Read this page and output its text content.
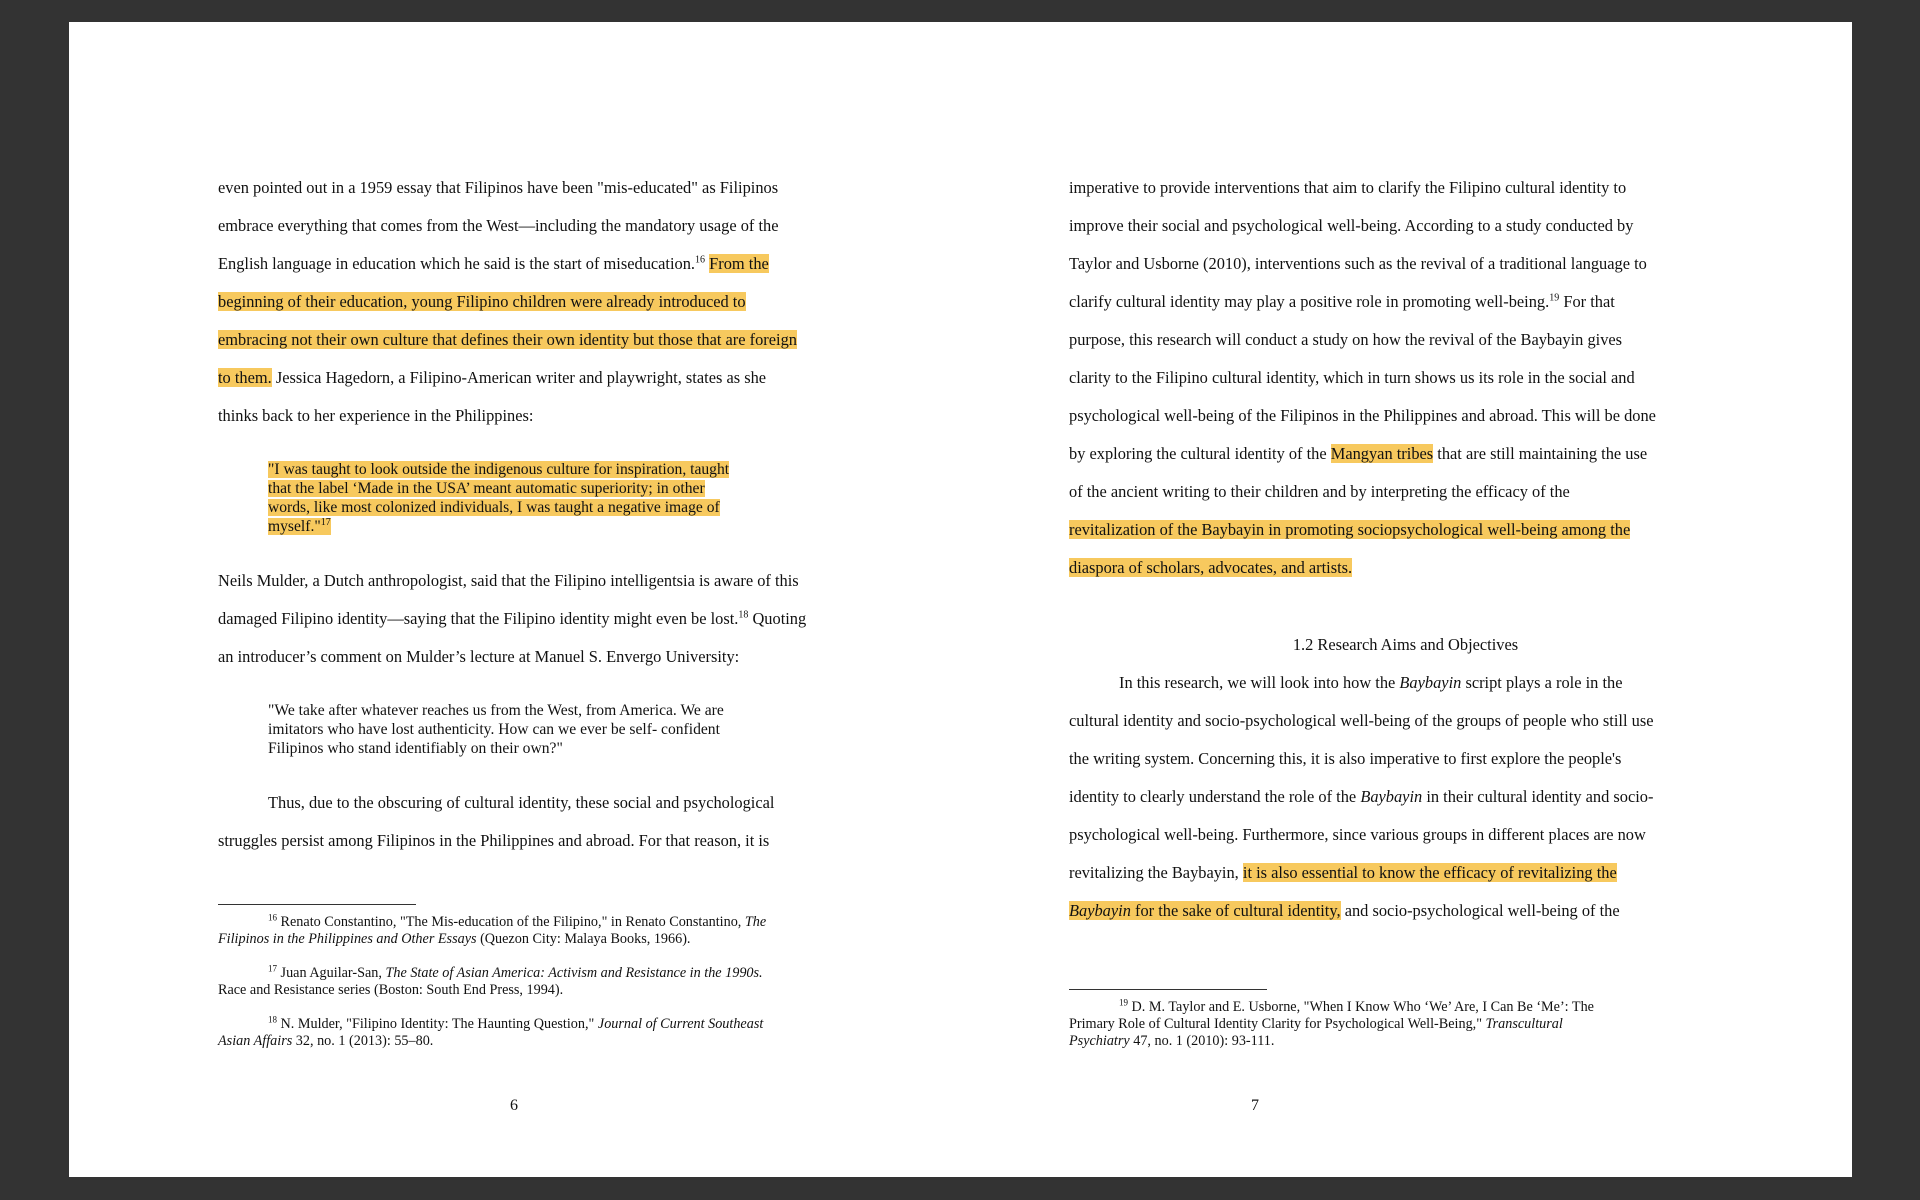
even pointed out in a 1959 essay that Filipinos have been "mis-educated" as Filipinos
embrace everything that comes from the West—including the mandatory usage of the
English language in education which he said is the start of miseducation.$^{16}$ From the
beginning of their education, young Filipino children were already introduced to
embracing not their own culture that defines their own identity but those that are foreign
to them. Jessica Hagedorn, a Filipino-American writer and playwright, states as she
thinks back to her experience in the Philippines:
"I was taught to look outside the indigenous culture for inspiration, taught
that the label ‘Made in the USA’ meant automatic superiority; in other
words, like most colonized individuals, I was taught a negative image of
myself."$^{17}$
Neils Mulder, a Dutch anthropologist, said that the Filipino intelligentsia is aware of this
damaged Filipino identity—saying that the Filipino identity might even be lost.$^{18}$ Quoting
an introducer’s comment on Mulder’s lecture at Manuel S. Envergo University:
"We take after whatever reaches us from the West, from America. We are
imitators who have lost authenticity. How can we ever be self- confident
Filipinos who stand identifiably on their own?"
Thus, due to the obscuring of cultural identity, these social and psychological
struggles persist among Filipinos in the Philippines and abroad. For that reason, it is
$^{16}$ Renato Constantino, "The Mis-education of the Filipino," in Renato Constantino, The
Filipinos in the Philippines and Other Essays (Quezon City: Malaya Books, 1966).
$^{17}$ Juan Aguilar-San, The State of Asian America: Activism and Resistance in the 1990s.
Race and Resistance series (Boston: South End Press, 1994).
$^{18}$ N. Mulder, "Filipino Identity: The Haunting Question," Journal of Current Southeast
Asian Affairs 32, no. 1 (2013): 55–80.
6
imperative to provide interventions that aim to clarify the Filipino cultural identity to
improve their social and psychological well-being. According to a study conducted by
Taylor and Usborne (2010), interventions such as the revival of a traditional language to
clarify cultural identity may play a positive role in promoting well-being.$^{19}$ For that
purpose, this research will conduct a study on how the revival of the Baybayin gives
clarity to the Filipino cultural identity, which in turn shows us its role in the social and
psychological well-being of the Filipinos in the Philippines and abroad. This will be done
by exploring the cultural identity of the Mangyan tribes that are still maintaining the use
of the ancient writing to their children and by interpreting the efficacy of the
revitalization of the Baybayin in promoting sociopsychological well-being among the
diaspora of scholars, advocates, and artists.
1.2 Research Aims and Objectives
In this research, we will look into how the Baybayin script plays a role in the
cultural identity and socio-psychological well-being of the groups of people who still use
the writing system. Concerning this, it is also imperative to first explore the people's
identity to clearly understand the role of the Baybayin in their cultural identity and socio-
psychological well-being. Furthermore, since various groups in different places are now
revitalizing the Baybayin, it is also essential to know the efficacy of revitalizing the
Baybayin for the sake of cultural identity, and socio-psychological well-being of the
$^{19}$ D. M. Taylor and E. Usborne, "When I Know Who ‘We’ Are, I Can Be ‘Me’: The
Primary Role of Cultural Identity Clarity for Psychological Well-Being," Transcultural
Psychiatry 47, no. 1 (2010): 93-111.
7
